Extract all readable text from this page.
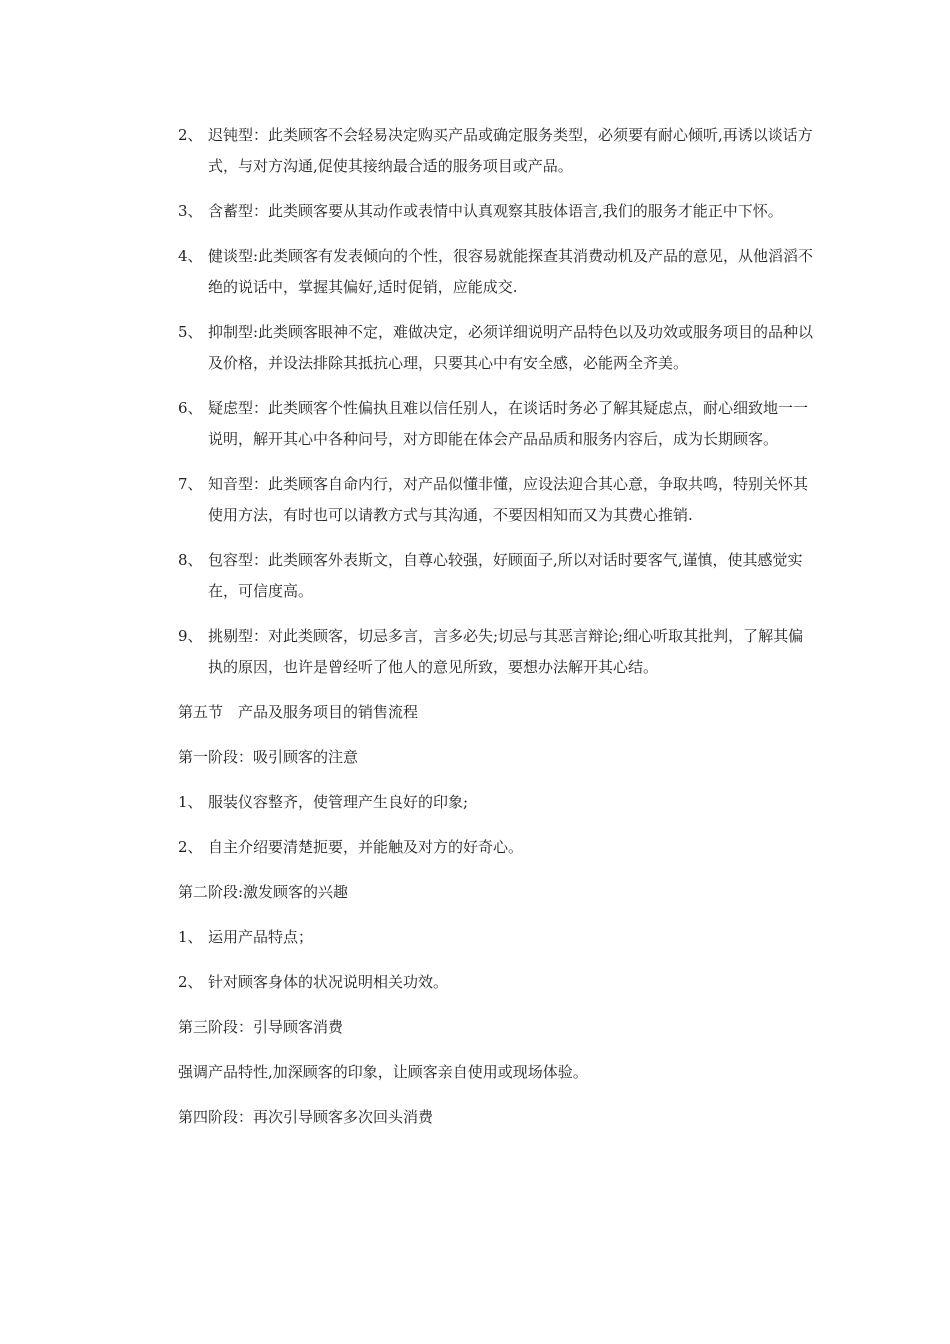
2、 迟钝型：此类顾客不会轻易决定购买产品或确定服务类型，必须要有耐心倾听,再诱以谈话方式，与对方沟通,促使其接纳最合适的服务项目或产品。
3、 含蓄型：此类顾客要从其动作或表情中认真观察其肢体语言,我们的服务才能正中下怀。
4、 健谈型:此类顾客有发表倾向的个性，很容易就能探查其消费动机及产品的意见，从他滔滔不绝的说话中，掌握其偏好,适时促销，应能成交.
5、 抑制型:此类顾客眼神不定，难做决定，必须详细说明产品特色以及功效或服务项目的品种以及价格，并设法排除其抵抗心理，只要其心中有安全感，必能两全齐美。
6、 疑虑型：此类顾客个性偏执且难以信任别人，在谈话时务必了解其疑虑点，耐心细致地一一说明，解开其心中各种问号，对方即能在体会产品品质和服务内容后，成为长期顾客。
7、 知音型：此类顾客自命内行，对产品似懂非懂，应设法迎合其心意，争取共鸣，特别关怀其使用方法，有时也可以请教方式与其沟通，不要因相知而又为其费心推销.
8、 包容型：此类顾客外表斯文，自尊心较强，好顾面子,所以对话时要客气,谨慎，使其感觉实在，可信度高。
9、 挑剔型：对此类顾客，切忌多言，言多必失;切忌与其恶言辩论;细心听取其批判，了解其偏执的原因，也许是曾经听了他人的意见所致，要想办法解开其心结。
第五节　产品及服务项目的销售流程
第一阶段：吸引顾客的注意
1、 服装仪容整齐，使管理产生良好的印象;
2、 自主介绍要清楚扼要，并能触及对方的好奇心。
第二阶段:激发顾客的兴趣
1、 运用产品特点；
2、 针对顾客身体的状况说明相关功效。
第三阶段：引导顾客消费
强调产品特性,加深顾客的印象，让顾客亲自使用或现场体验。
第四阶段：再次引导顾客多次回头消费
